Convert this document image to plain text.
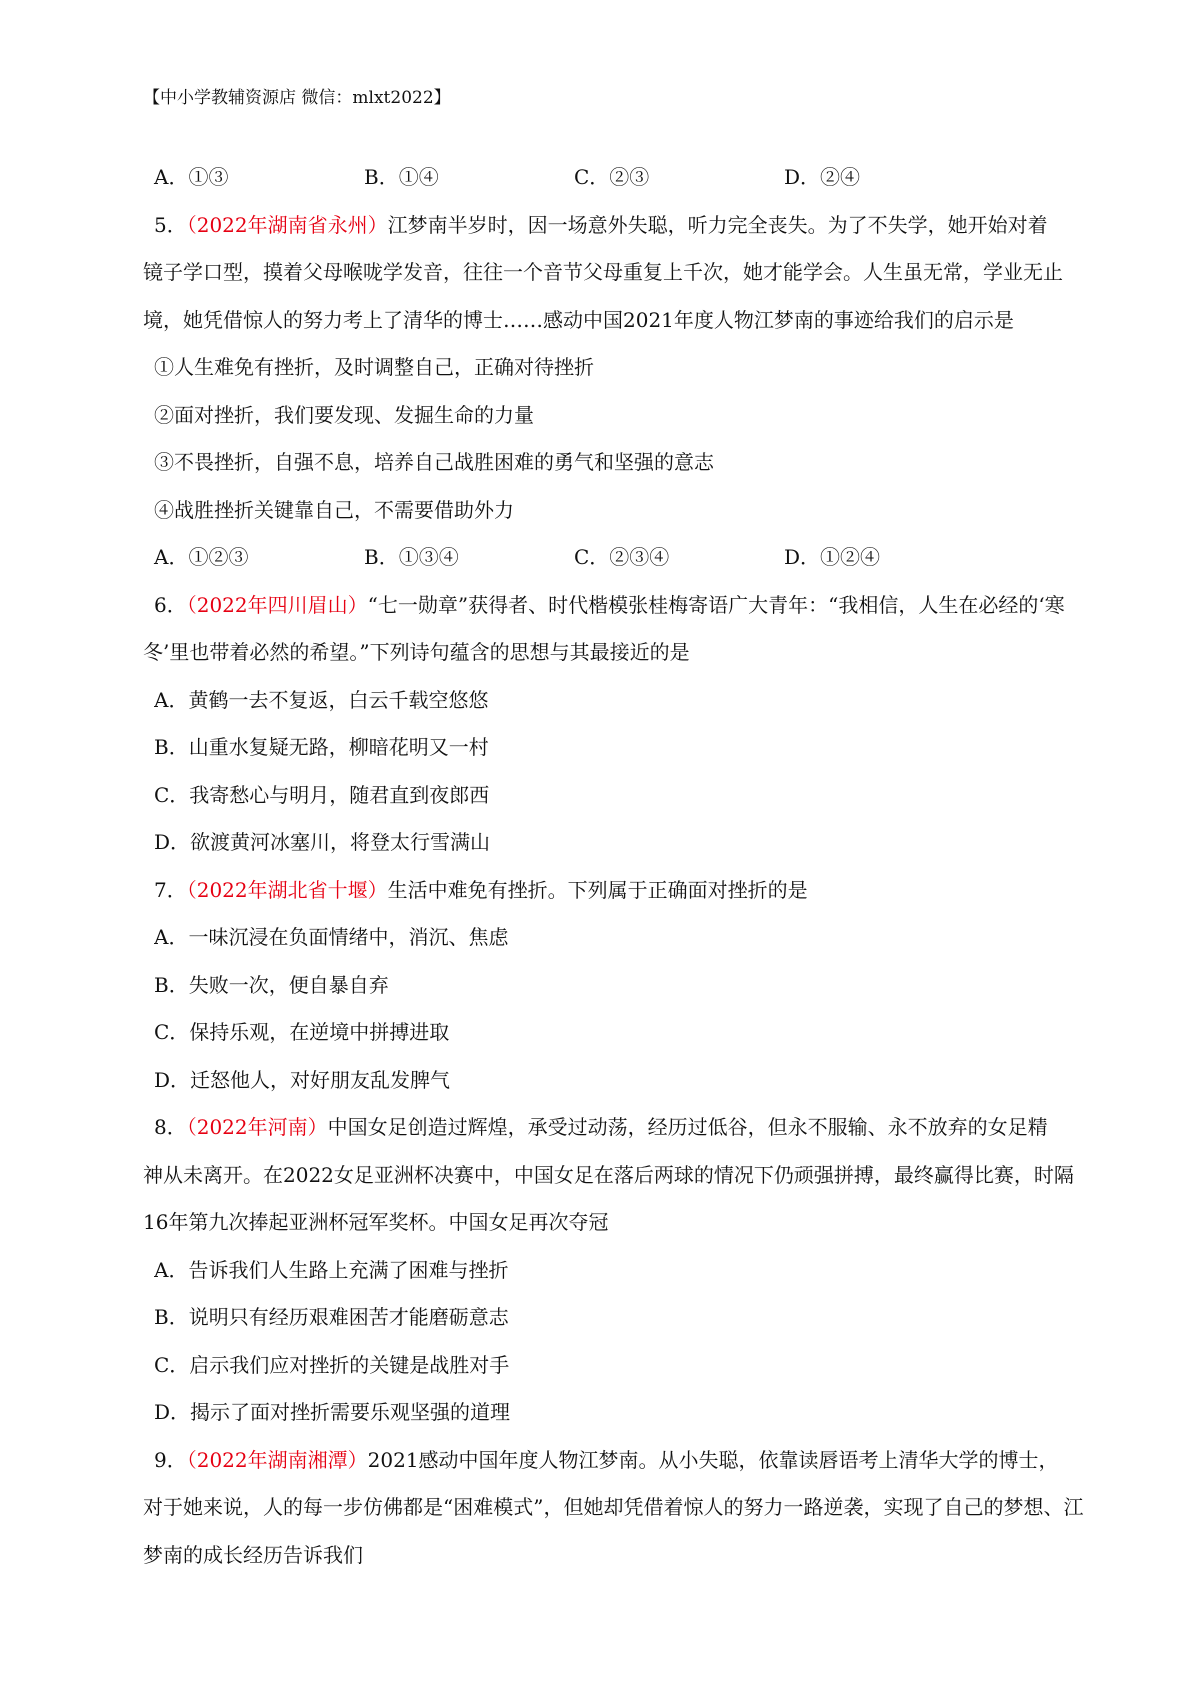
【中小学教辅资源店 微信：mlxt2022】
A．①③	B．①④	C．②③	D．②④
5．（2022年湖南省永州）江梦南半岁时，因一场意外失聪，听力完全丧失。为了不失学，她开始对着
镜子学口型，摸着父母喉咙学发音，往往一个音节父母重复上千次，她才能学会。人生虽无常，学业无止
境，她凭借惊人的努力考上了清华的博士……感动中国2021年度人物江梦南的事迹给我们的启示是
①人生难免有挫折，及时调整自己，正确对待挫折
②面对挫折，我们要发现、发掘生命的力量
③不畏挫折，自强不息，培养自己战胜困难的勇气和坚强的意志
④战胜挫折关键靠自己，不需要借助外力
A．①②③	B．①③④	C．②③④	D．①②④
6．（2022年四川眉山）“七一勋章”获得者、时代楷模张桂梅寄语广大青年：“我相信，人生在必经的‘寒
冬’里也带着必然的希望。”下列诗句蕴含的思想与其最接近的是
A．黄鹤一去不复返，白云千载空悠悠
B．山重水复疑无路，柳暗花明又一村
C．我寄愁心与明月，随君直到夜郎西
D．欲渡黄河冰塞川，将登太行雪满山
7．（2022年湖北省十堰）生活中难免有挫折。下列属于正确面对挫折的是
A．一味沉浸在负面情绪中，消沉、焦虑
B．失败一次，便自暴自弃
C．保持乐观，在逆境中拼搏进取
D．迁怒他人，对好朋友乱发脾气
8．（2022年河南）中国女足创造过辉煌，承受过动荡，经历过低谷，但永不服输、永不放弃的女足精
神从未离开。在2022女足亚洲杯决赛中，中国女足在落后两球的情况下仍顽强拼搏，最终赢得比赛，时隔
16年第九次捧起亚洲杯冠军奖杯。中国女足再次夺冠
A．告诉我们人生路上充满了困难与挫折
B．说明只有经历艰难困苦才能磨砺意志
C．启示我们应对挫折的关键是战胜对手
D．揭示了面对挫折需要乐观坚强的道理
9．（2022年湖南湘潭）2021感动中国年度人物江梦南。从小失聪，依靠读唇语考上清华大学的博士，
对于她来说，人的每一步仿佛都是“困难模式”，但她却凭借着惊人的努力一路逆袭，实现了自己的梦想、江
梦南的成长经历告诉我们
